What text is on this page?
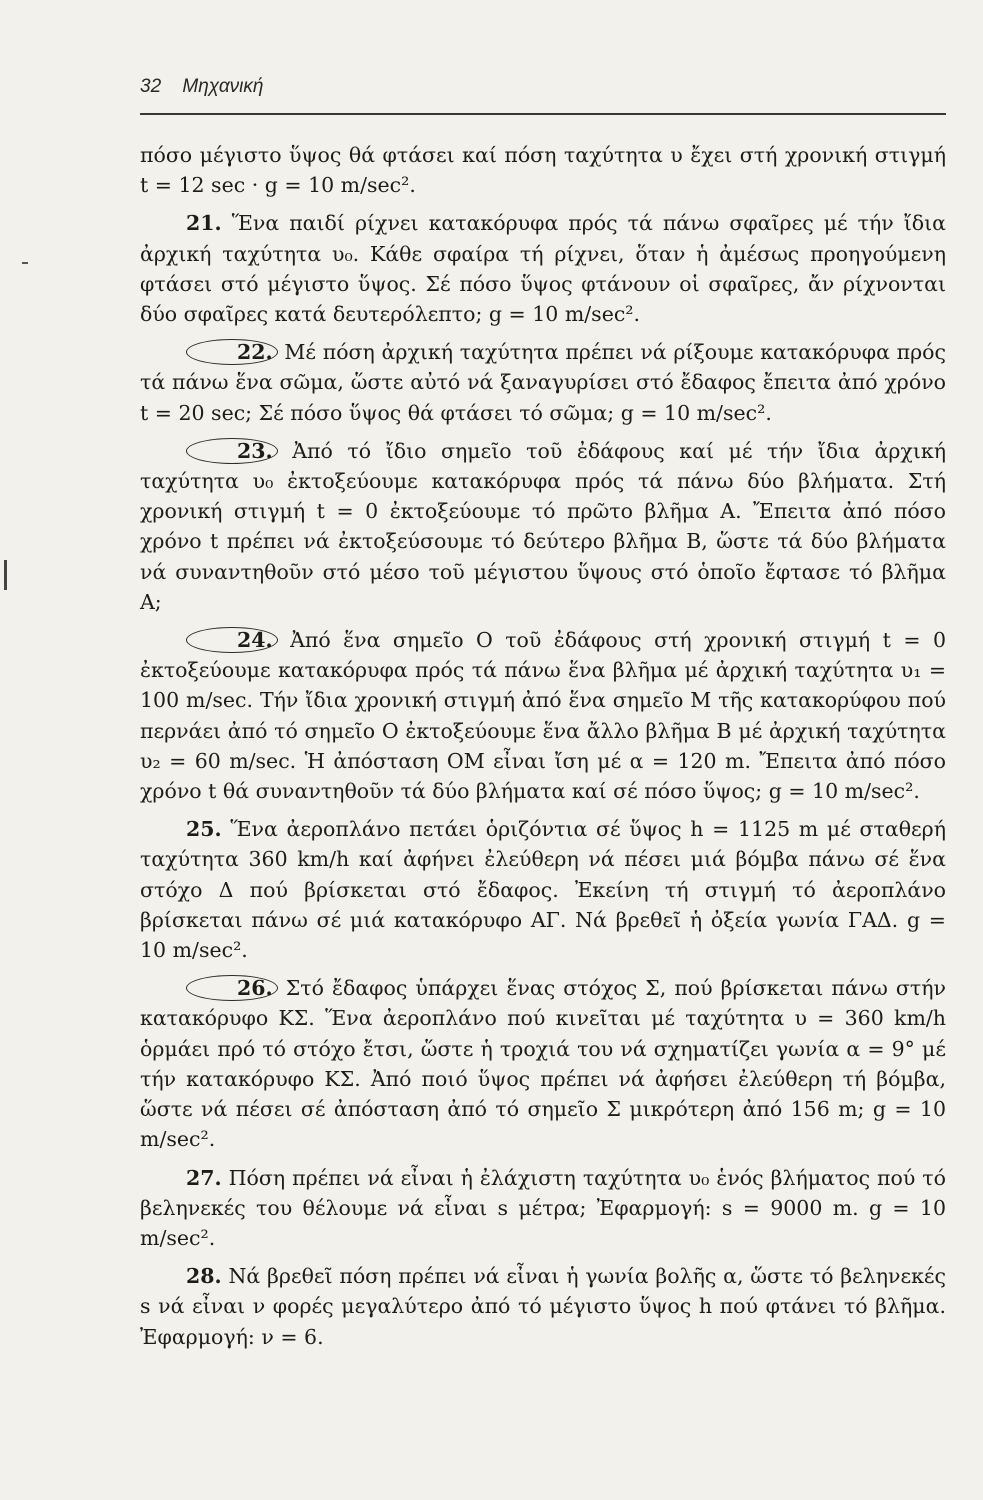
32 Μηχανική

πόσο μέγιστο ὕψος θά φτάσει καί πόση ταχύτητα υ ἔχει στή χρονική στιγμή t = 12 sec · g = 10 m/sec².

21. Ἕνα παιδί ρίχνει κατακόρυφα πρός τά πάνω σφαῖρες μέ τήν ἴδια ἀρχική ταχύτητα υ₀. Κάθε σφαίρα τή ρίχνει, ὅταν ἡ ἀμέσως προηγούμενη φτάσει στό μέγιστο ὕψος. Σέ πόσο ὕψος φτάνουν οἱ σφαῖρες, ἄν ρίχνονται δύο σφαῖρες κατά δευτερόλεπτο; g = 10 m/sec².

22. Μέ πόση ἀρχική ταχύτητα πρέπει νά ρίξουμε κατακόρυφα πρός τά πάνω ἕνα σῶμα, ὥστε αὐτό νά ξαναγυρίσει στό ἔδαφος ἔπειτα ἀπό χρόνο t = 20 sec; Σέ πόσο ὕψος θά φτάσει τό σῶμα; g = 10 m/sec².

23. Ἀπό τό ἴδιο σημεῖο τοῦ ἐδάφους καί μέ τήν ἴδια ἀρχική ταχύτητα υ₀ ἐκτοξεύουμε κατακόρυφα πρός τά πάνω δύο βλήματα. Στή χρονική στιγμή t = 0 ἐκτοξεύουμε τό πρῶτο βλῆμα Α. Ἔπειτα ἀπό πόσο χρόνο t πρέπει νά ἐκτοξεύσουμε τό δεύτερο βλῆμα Β, ὥστε τά δύο βλήματα νά συναντηθοῦν στό μέσο τοῦ μέγιστου ὕψους στό ὁποῖο ἔφτασε τό βλῆμα Α;

24. Ἀπό ἕνα σημεῖο Ο τοῦ ἐδάφους στή χρονική στιγμή t = 0 ἐκτοξεύουμε κατακόρυφα πρός τά πάνω ἕνα βλῆμα μέ ἀρχική ταχύτητα υ₁ = 100 m/sec. Τήν ἴδια χρονική στιγμή ἀπό ἕνα σημεῖο Μ τῆς κατακορύφου πού περνάει ἀπό τό σημεῖο Ο ἐκτοξεύουμε ἕνα ἄλλο βλῆμα Β μέ ἀρχική ταχύτητα υ₂ = 60 m/sec. Ἡ ἀπόσταση ΟΜ εἶναι ἴση μέ α = 120 m. Ἔπειτα ἀπό πόσο χρόνο t θά συναντηθοῦν τά δύο βλήματα καί σέ πόσο ὕψος; g = 10 m/sec².

25. Ἕνα ἀεροπλάνο πετάει ὁριζόντια σέ ὕψος h = 1125 m μέ σταθερή ταχύτητα 360 km/h καί ἀφήνει ἐλεύθερη νά πέσει μιά βόμβα πάνω σέ ἕνα στόχο Δ πού βρίσκεται στό ἔδαφος. Ἐκείνη τή στιγμή τό ἀεροπλάνο βρίσκεται πάνω σέ μιά κατακόρυφο ΑΓ. Νά βρεθεῖ ἡ ὀξεία γωνία ΓΑΔ. g = 10 m/sec².

26. Στό ἔδαφος ὑπάρχει ἕνας στόχος Σ, πού βρίσκεται πάνω στήν κατακόρυφο ΚΣ. Ἕνα ἀεροπλάνο πού κινεῖται μέ ταχύτητα υ = 360 km/h ὁρμάει πρό τό στόχο ἔτσι, ὥστε ἡ τροχιά του νά σχηματίζει γωνία α = 9° μέ τήν κατακόρυφο ΚΣ. Ἀπό ποιό ὕψος πρέπει νά ἀφήσει ἐλεύθερη τή βόμβα, ὥστε νά πέσει σέ ἀπόσταση ἀπό τό σημεῖο Σ μικρότερη ἀπό 156 m; g = 10 m/sec².

27. Πόση πρέπει νά εἶναι ἡ ἐλάχιστη ταχύτητα υ₀ ἑνός βλήματος πού τό βεληνεκές του θέλουμε νά εἶναι s μέτρα; Ἐφαρμογή: s = 9000 m. g = 10 m/sec².

28. Νά βρεθεῖ πόση πρέπει νά εἶναι ἡ γωνία βολῆς α, ὥστε τό βεληνεκές s νά εἶναι ν φορές μεγαλύτερο ἀπό τό μέγιστο ὕψος h πού φτάνει τό βλῆμα. Ἐφαρμογή: ν = 6.
